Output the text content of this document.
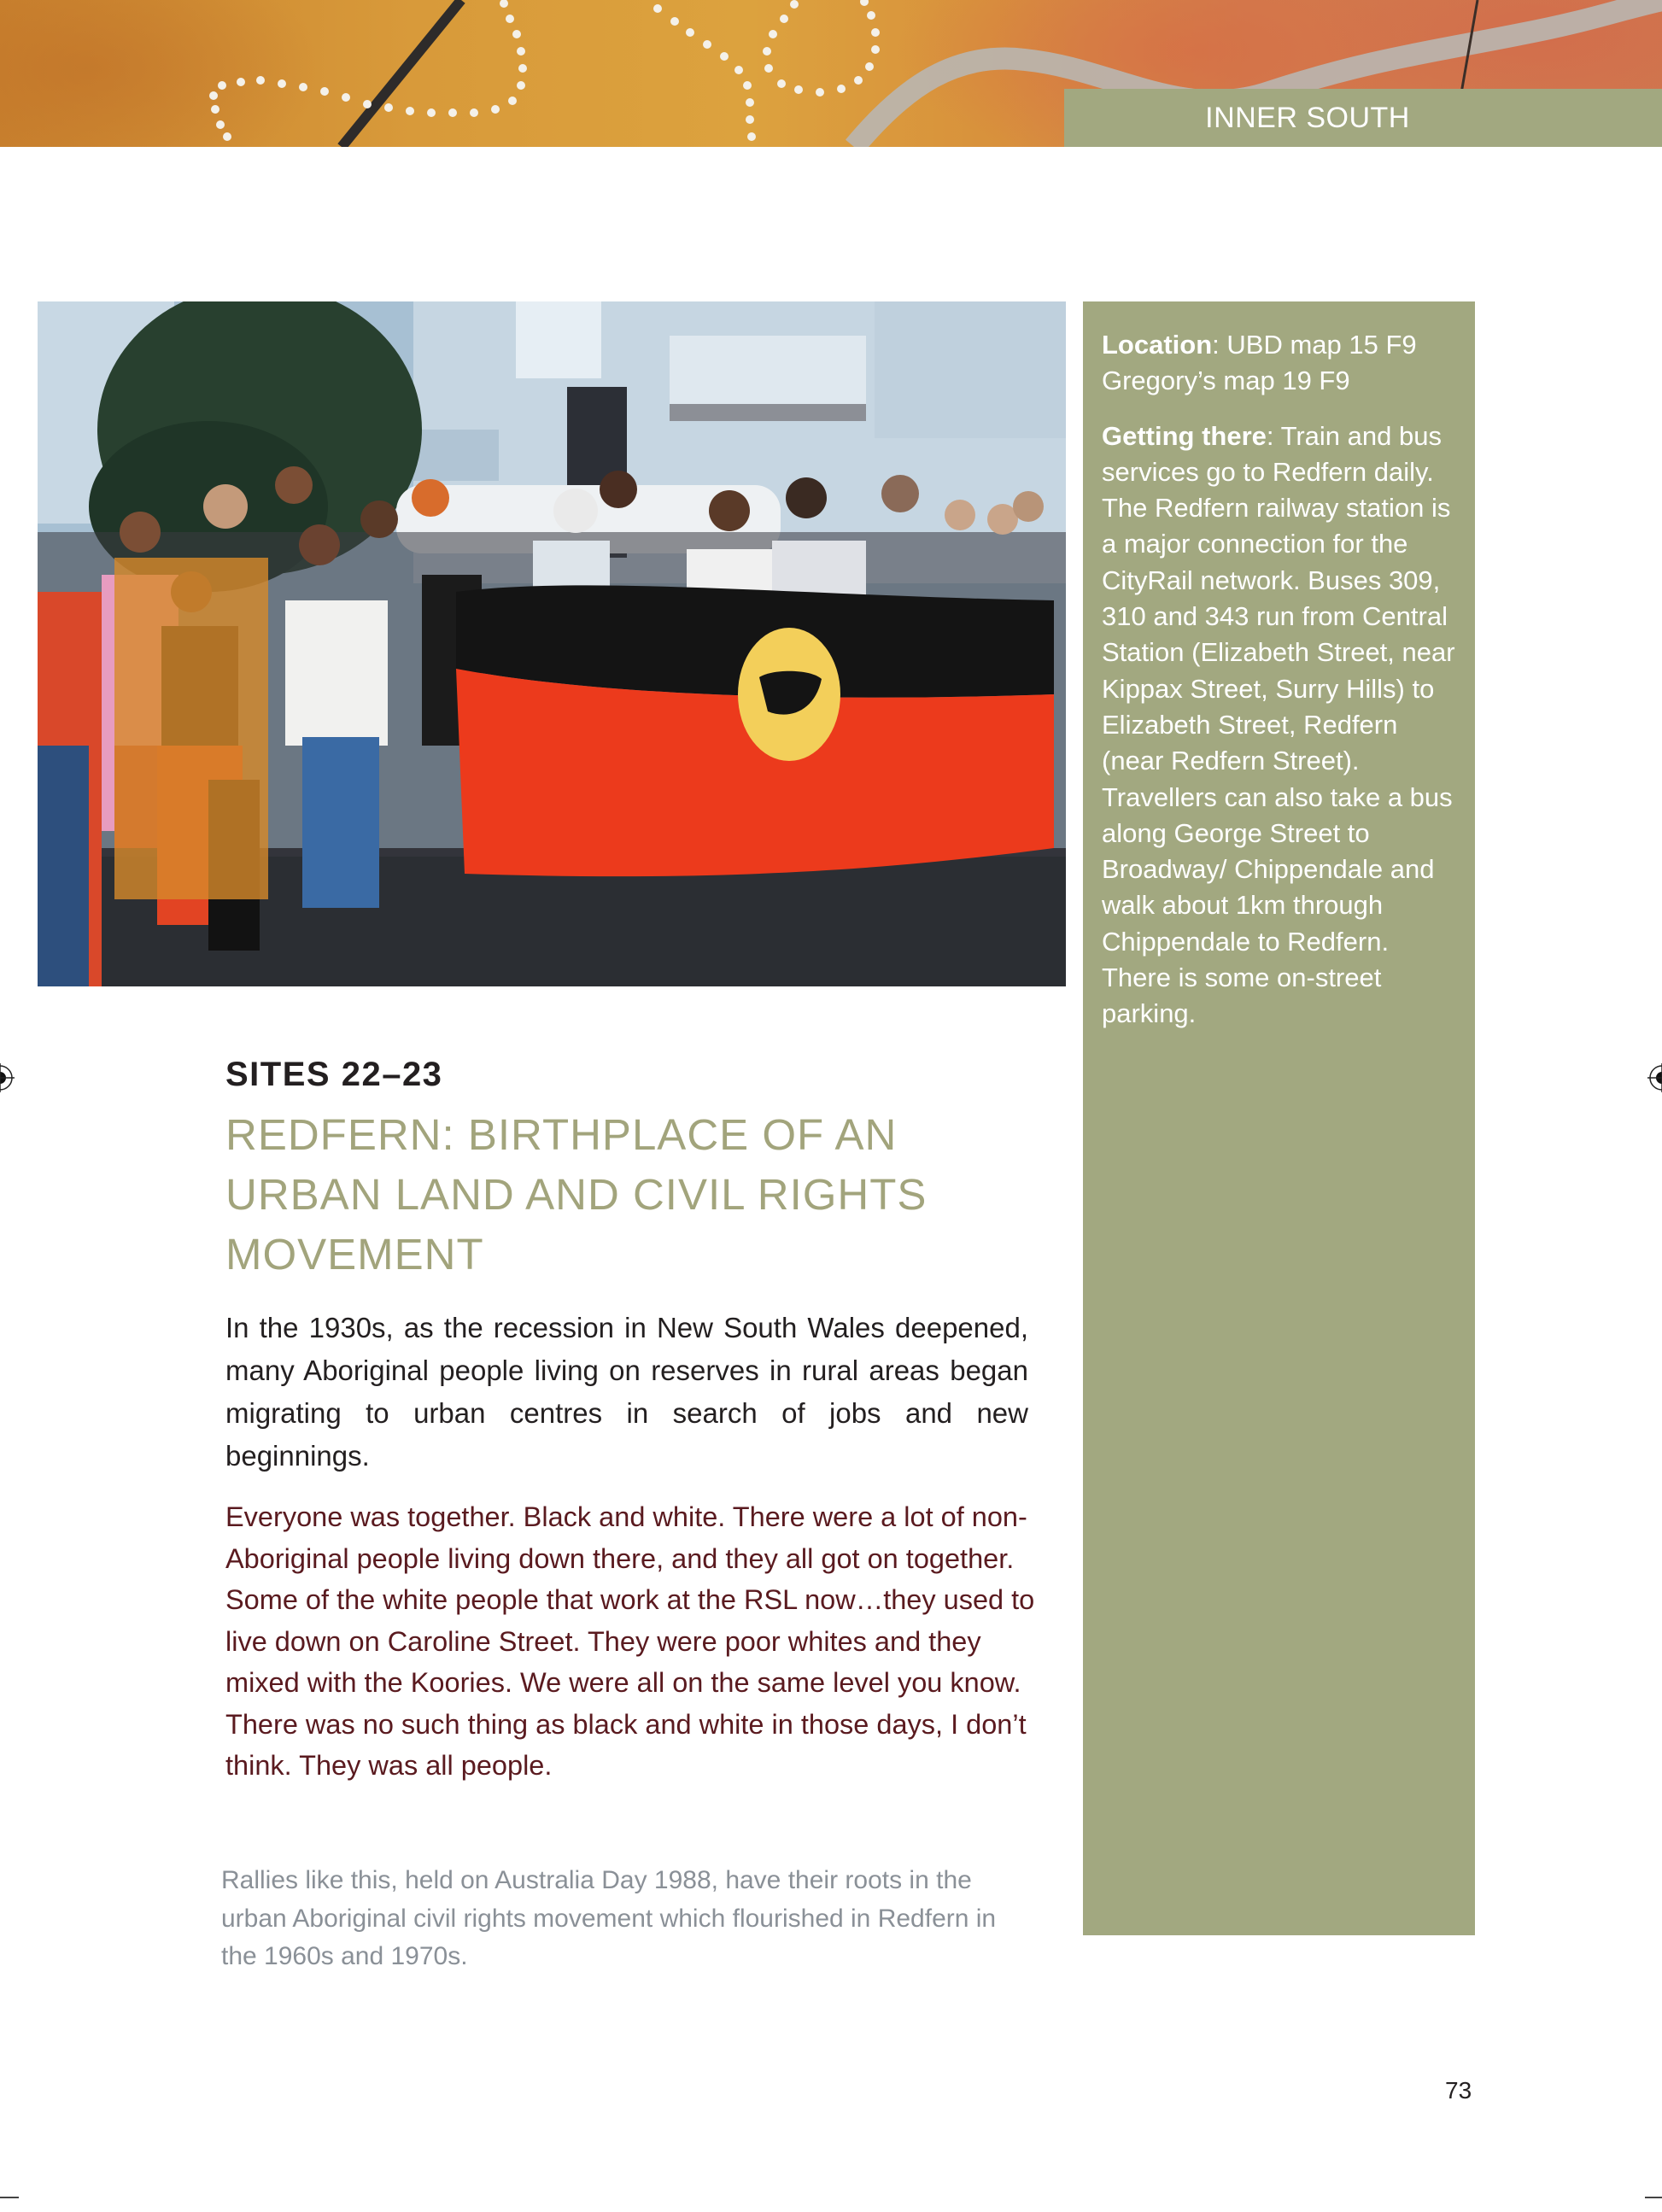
INNER SOUTH

Location: UBD map 15 F9 Gregory’s map 19 F9

Getting there: Train and bus services go to Redfern daily. The Redfern railway station is a major connection for the CityRail network. Buses 309, 310 and 343 run from Central Station (Elizabeth Street, near Kippax Street, Surry Hills) to Elizabeth Street, Redfern (near Redfern Street). Travellers can also take a bus along George Street to Broadway/ Chippendale and walk about 1km through Chippendale to Redfern. There is some on-street parking.

SITES 22–23
REDFERN: BIRTHPLACE OF AN URBAN LAND AND CIVIL RIGHTS MOVEMENT

In the 1930s, as the recession in New South Wales deepened, many Aboriginal people living on reserves in rural areas began migrating to urban centres in search of jobs and new beginnings.

Everyone was together. Black and white. There were a lot of non-Aboriginal people living down there, and they all got on together. Some of the white people that work at the RSL now…they used to live down on Caroline Street. They were poor whites and they mixed with the Koories. We were all on the same level you know. There was no such thing as black and white in those days, I don’t think. They was all people.

Rallies like this, held on Australia Day 1988, have their roots in the urban Aboriginal civil rights movement which flourished in Redfern in the 1960s and 1970s.

73
